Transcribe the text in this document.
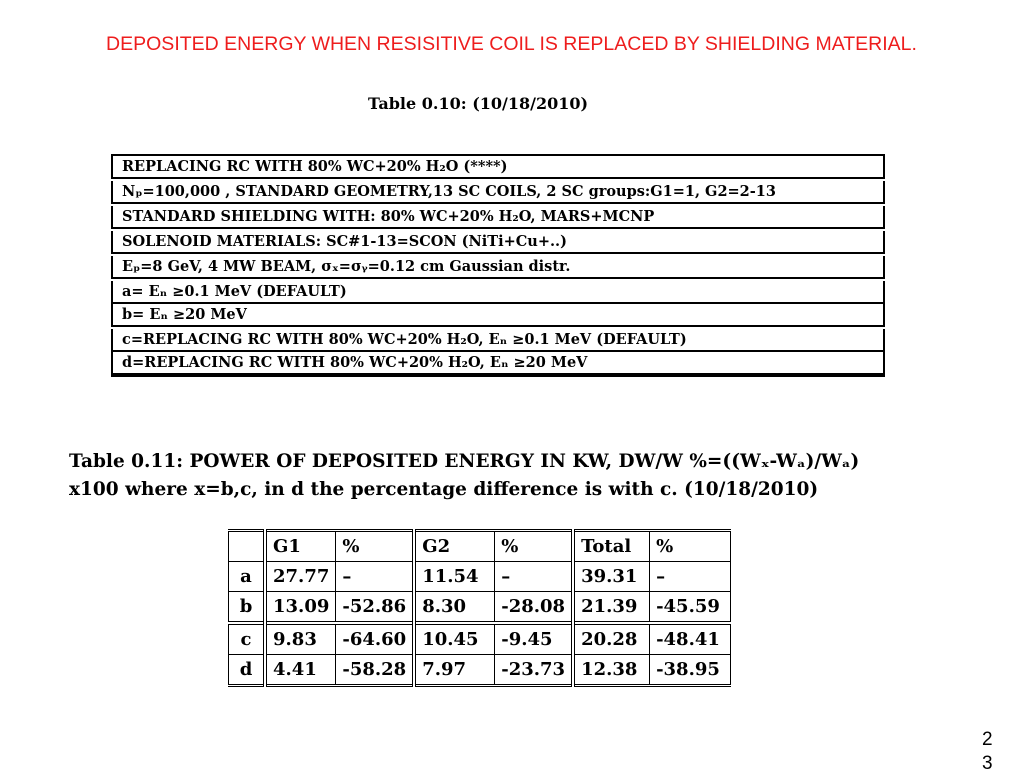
DEPOSITED ENERGY WHEN RESISITIVE COIL IS REPLACED BY SHIELDING MATERIAL.
Table 0.10: (10/18/2010)
REPLACING RC WITH 80% WC+20% H₂O (****)
Nₚ=100,000 , STANDARD GEOMETRY,13 SC COILS, 2 SC groups:G1=1, G2=2-13
STANDARD SHIELDING WITH: 80% WC+20% H₂O, MARS+MCNP
SOLENOID MATERIALS: SC#1-13=SCON (NiTi+Cu+..)
Eₚ=8 GeV, 4 MW BEAM, σₓ=σᵧ=0.12 cm Gaussian distr.
a= Eₙ ≥0.1 MeV (DEFAULT)
b= Eₙ ≥20 MeV
c=REPLACING RC WITH 80% WC+20% H₂O, Eₙ ≥0.1 MeV (DEFAULT)
d=REPLACING RC WITH 80% WC+20% H₂O, Eₙ ≥20 MeV
Table 0.11: POWER OF DEPOSITED ENERGY IN KW, DW/W %=((Wₓ-Wₐ)/Wₐ)
x100 where x=b,c, in d the percentage difference is with c. (10/18/2010)
	G1	%	G2	%	Total	%
a	27.77	–	11.54	–	39.31	–
b	13.09	-52.86	8.30	-28.08	21.39	-45.59
c	9.83	-64.60	10.45	-9.45	20.28	-48.41
d	4.41	-58.28	7.97	-23.73	12.38	-38.95
23
